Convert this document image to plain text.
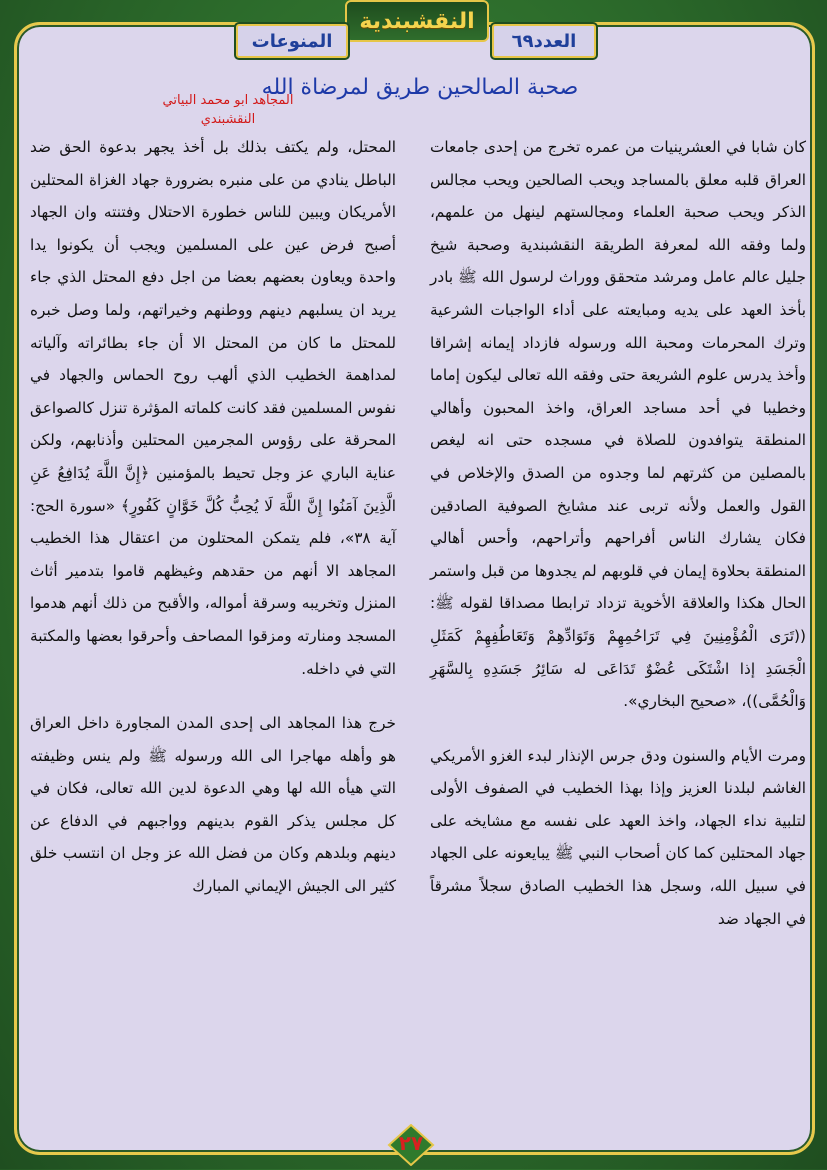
النقشبندية
المنوعات	العدد٦٩
صحبة الصالحين طريق لمرضاة الله
المجاهد ابو محمد البياتي
النقشبندي

كان شابا في العشرينيات من عمره تخرج من إحدى جامعات العراق قلبه معلق بالمساجد ويحب الصالحين ويحب مجالس الذكر ويحب صحبة العلماء ومجالستهم لينهل من علمهم، ولما وفقه الله لمعرفة الطريقة النقشبندية وصحبة شيخ جليل عالم عامل ومرشد متحقق ووراث لرسول الله ﷺ بادر بأخذ العهد على يديه ومبايعته على أداء الواجبات الشرعية وترك المحرمات ومحبة الله ورسوله فازداد إيمانه إشراقا وأخذ يدرس علوم الشريعة حتى وفقه الله تعالى ليكون إماما وخطيبا في أحد مساجد العراق، واخذ المحبون وأهالي المنطقة يتوافدون للصلاة في مسجده حتى انه ليغص بالمصلين من كثرتهم لما وجدوه من الصدق والإخلاص في القول والعمل ولأنه تربى عند مشايخ الصوفية الصادقين فكان يشارك الناس أفراحهم وأتراحهم، وأحس أهالي المنطقة بحلاوة إيمان في قلوبهم لم يجدوها من قبل واستمر الحال هكذا والعلاقة الأخوية تزداد ترابطا مصداقا لقوله ﷺ: ((تَرَى الْمُؤْمِنِينَ فِي تَرَاحُمِهِمْ وَتَوَادِّهِمْ وَتَعَاطُفِهِمْ كَمَثَلِ الْجَسَدِ إذا اشْتَكَى عُضْوٌ تَدَاعَى له سَائِرُ جَسَدِهِ بِالسَّهَرِ وَالْحُمَّى))، «صحيح البخاري».

ومرت الأيام والسنون ودق جرس الإنذار لبدء الغزو الأمريكي الغاشم لبلدنا العزيز وإذا بهذا الخطيب في الصفوف الأولى لتلبية نداء الجهاد، واخذ العهد على نفسه مع مشايخه على جهاد المحتلين كما كان أصحاب النبي ﷺ يبايعونه على الجهاد في سبيل الله، وسجل هذا الخطيب الصادق سجلاً مشرقاً في الجهاد ضد

المحتل، ولم يكتف بذلك بل أخذ يجهر بدعوة الحق ضد الباطل ينادي من على منبره بضرورة جهاد الغزاة المحتلين الأمريكان ويبين للناس خطورة الاحتلال وفتنته وان الجهاد أصبح فرض عين على المسلمين ويجب أن يكونوا يدا واحدة ويعاون بعضهم بعضا من اجل دفع المحتل الذي جاء يريد ان يسلبهم دينهم ووطنهم وخيراتهم، ولما وصل خبره للمحتل ما كان من المحتل الا أن جاء بطائراته وآلياته لمداهمة الخطيب الذي ألهب روح الحماس والجهاد في نفوس المسلمين فقد كانت كلماته المؤثرة تنزل كالصواعق المحرقة على رؤوس المجرمين المحتلين وأذنابهم، ولكن عناية الباري عز وجل تحيط بالمؤمنين ﴿إِنَّ اللَّهَ يُدَافِعُ عَنِ الَّذِينَ آمَنُوا إِنَّ اللَّهَ لَا يُحِبُّ كُلَّ خَوَّانٍ كَفُورٍ﴾ «سورة الحج: آية ٣٨»، فلم يتمكن المحتلون من اعتقال هذا الخطيب المجاهد الا أنهم من حقدهم وغيظهم قاموا بتدمير أثاث المنزل وتخريبه وسرقة أمواله، والأقبح من ذلك أنهم هدموا المسجد ومنارته ومزقوا المصاحف وأحرقوا بعضها والمكتبة التي في داخله.

خرج هذا المجاهد الى إحدى المدن المجاورة داخل العراق هو وأهله مهاجرا الى الله ورسوله ﷺ ولم ينس وظيفته التي هيأه الله لها وهي الدعوة لدين الله تعالى، فكان في كل مجلس يذكر القوم بدينهم وواجبهم في الدفاع عن دينهم وبلدهم وكان من فضل الله عز وجل ان انتسب خلق كثير الى الجيش الإيماني المبارك

٢٧
